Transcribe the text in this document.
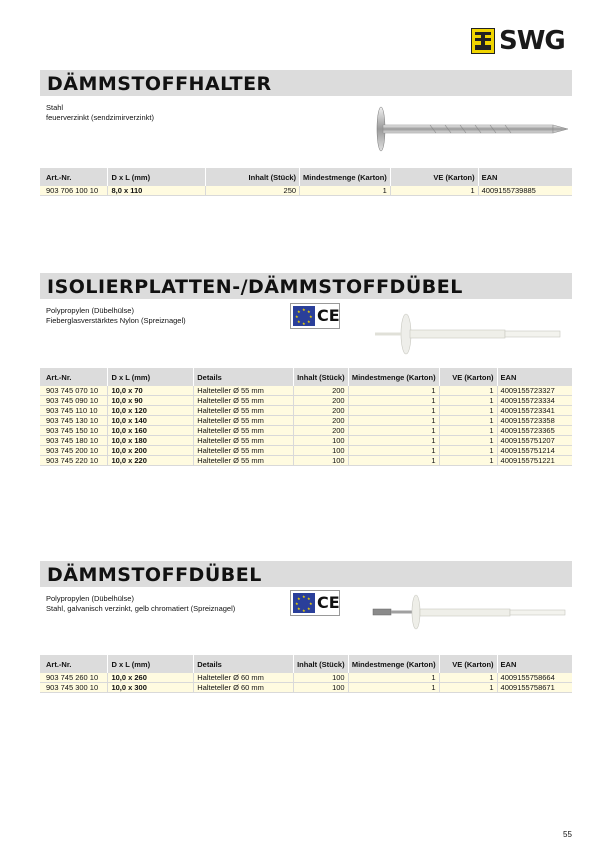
SWG
DÄMMSTOFFHALTER
Stahl
feuerverzinkt (sendzimirverzinkt)
Art.-Nr.	D x L (mm)	Inhalt (Stück)	Mindestmenge (Karton)	VE (Karton)	EAN
903 706 100 10	8,0 x 110	250	1	1	4009155739885
ISOLIERPLATTEN-/DÄMMSTOFFDÜBEL
Polypropylen (Dübelhülse)
Fieberglasverstärktes Nylon (Spreiznagel)
★ ★
★
★
★
★
★
★ CE
Art.-Nr.	D x L (mm)	Details	Inhalt (Stück)	Mindestmenge (Karton)	VE (Karton)	EAN
903 745 070 10	10,0 x 70	Halteteller Ø 55 mm	200	1	1	4009155723327
903 745 090 10	10,0 x 90	Halteteller Ø 55 mm	200	1	1	4009155723334
903 745 110 10	10,0 x 120	Halteteller Ø 55 mm	200	1	1	4009155723341
903 745 130 10	10,0 x 140	Halteteller Ø 55 mm	200	1	1	4009155723358
903 745 150 10	10,0 x 160	Halteteller Ø 55 mm	200	1	1	4009155723365
903 745 180 10	10,0 x 180	Halteteller Ø 55 mm	100	1	1	4009155751207
903 745 200 10	10,0 x 200	Halteteller Ø 55 mm	100	1	1	4009155751214
903 745 220 10	10,0 x 220	Halteteller Ø 55 mm	100	1	1	4009155751221
DÄMMSTOFFDÜBEL
Polypropylen (Dübelhülse)
Stahl, galvanisch verzinkt, gelb chromatiert (Spreiznagel)
★ ★
★
★
★
★
★
★ CE
Art.-Nr.	D x L (mm)	Details	Inhalt (Stück)	Mindestmenge (Karton)	VE (Karton)	EAN
903 745 260 10	10,0 x 260	Halteteller Ø 60 mm	100	1	1	4009155758664
903 745 300 10	10,0 x 300	Halteteller Ø 60 mm	100	1	1	4009155758671
55
